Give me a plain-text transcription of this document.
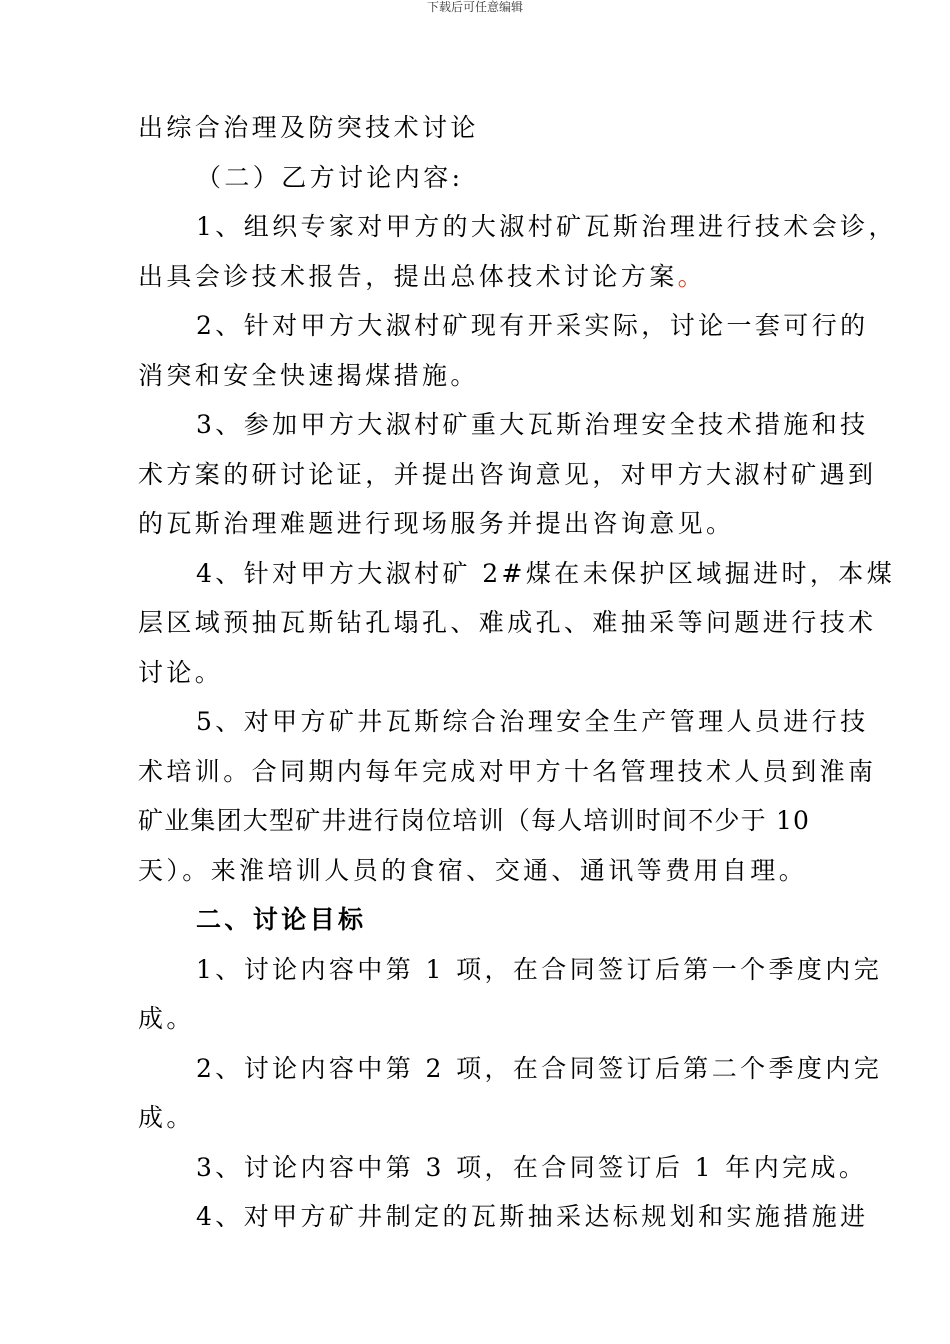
下载后可任意编辑
出综合治理及防突技术讨论
（二）乙方讨论内容:
1、组织专家对甲方的大淑村矿瓦斯治理进行技术会诊，
出具会诊技术报告，提出总体技术讨论方案。
2、针对甲方大淑村矿现有开采实际，讨论一套可行的
消突和安全快速揭煤措施。
3、参加甲方大淑村矿重大瓦斯治理安全技术措施和技
术方案的研讨论证，并提出咨询意见，对甲方大淑村矿遇到
的瓦斯治理难题进行现场服务并提出咨询意见。
4、针对甲方大淑村矿 2#煤在未保护区域掘进时，本煤
层区域预抽瓦斯钻孔塌孔、难成孔、难抽采等问题进行技术
讨论。
5、对甲方矿井瓦斯综合治理安全生产管理人员进行技
术培训。合同期内每年完成对甲方十名管理技术人员到淮南
矿业集团大型矿井进行岗位培训（每人培训时间不少于 10
天）。来淮培训人员的食宿、交通、通讯等费用自理。
二、讨论目标
1、讨论内容中第 1 项，在合同签订后第一个季度内完
成。
2、讨论内容中第 2 项，在合同签订后第二个季度内完
成。
3、讨论内容中第 3 项，在合同签订后 1 年内完成。
4、对甲方矿井制定的瓦斯抽采达标规划和实施措施进
